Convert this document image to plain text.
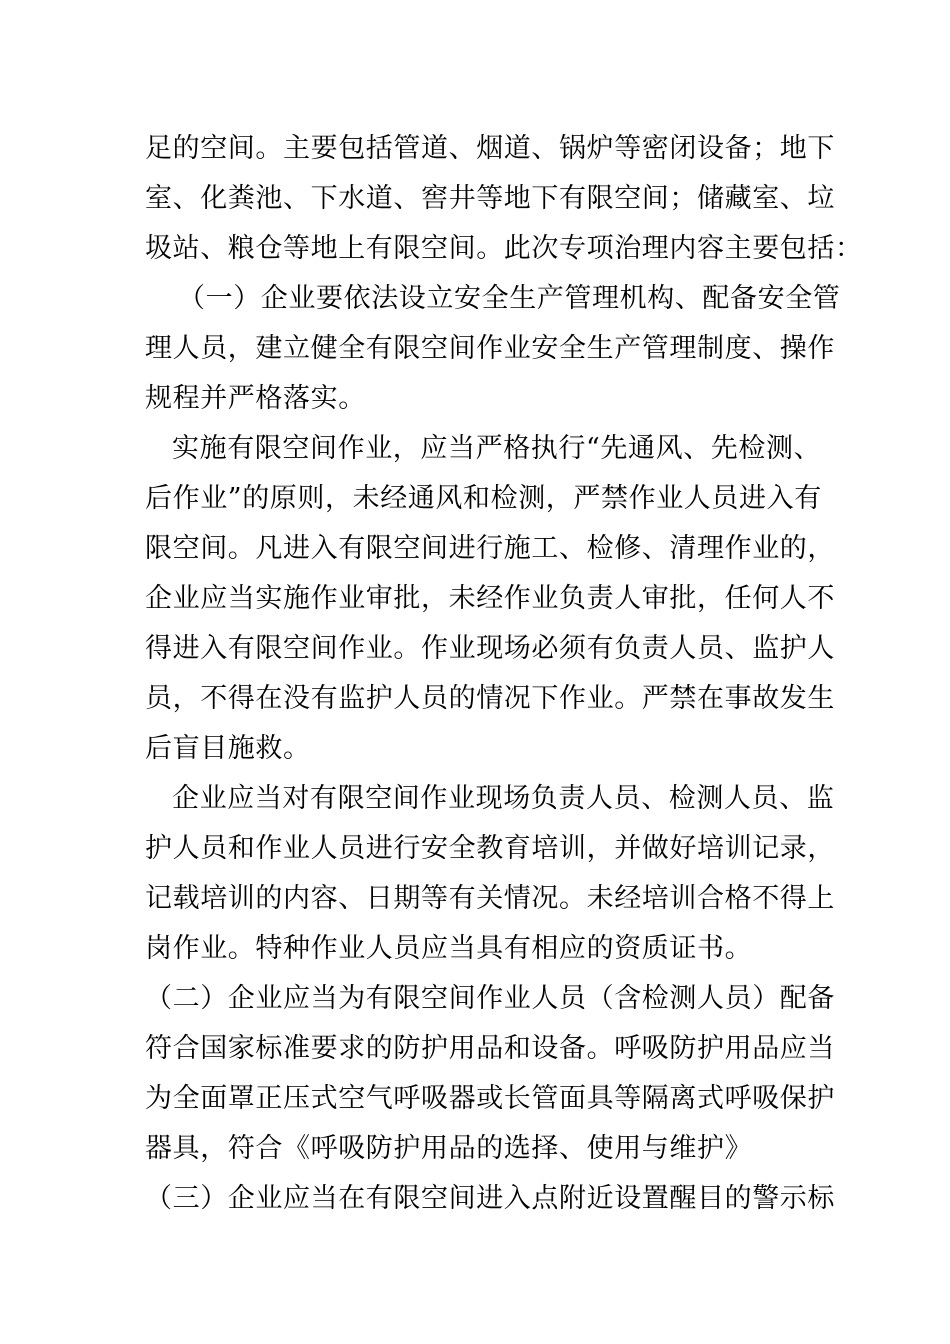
足的空间。主要包括管道、烟道、锅炉等密闭设备；地下
室、化粪池、下水道、窖井等地下有限空间；储藏室、垃
圾站、粮仓等地上有限空间。此次专项治理内容主要包括：
（一）企业要依法设立安全生产管理机构、配备安全管
理人员，建立健全有限空间作业安全生产管理制度、操作
规程并严格落实。
实施有限空间作业，应当严格执行“先通风、先检测、
后作业”的原则，未经通风和检测，严禁作业人员进入有
限空间。凡进入有限空间进行施工、检修、清理作业的，
企业应当实施作业审批，未经作业负责人审批，任何人不
得进入有限空间作业。作业现场必须有负责人员、监护人
员，不得在没有监护人员的情况下作业。严禁在事故发生
后盲目施救。
企业应当对有限空间作业现场负责人员、检测人员、监
护人员和作业人员进行安全教育培训，并做好培训记录，
记载培训的内容、日期等有关情况。未经培训合格不得上
岗作业。特种作业人员应当具有相应的资质证书。
（二）企业应当为有限空间作业人员（含检测人员）配备
符合国家标准要求的防护用品和设备。呼吸防护用品应当
为全面罩正压式空气呼吸器或长管面具等隔离式呼吸保护
器具，符合《呼吸防护用品的选择、使用与维护》
（三）企业应当在有限空间进入点附近设置醒目的警示标
